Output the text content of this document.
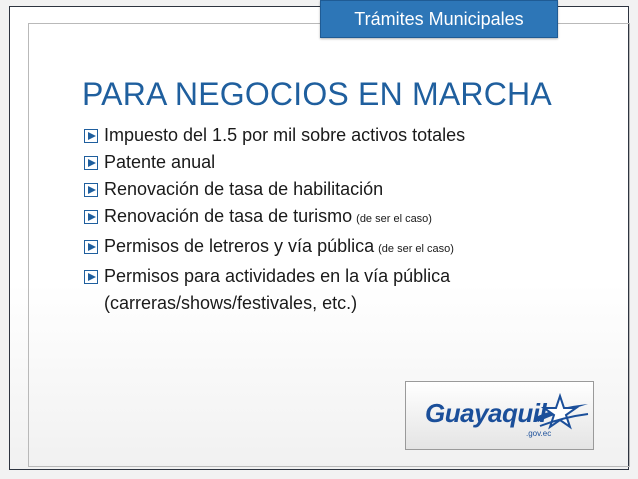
Trámites Municipales
PARA NEGOCIOS EN MARCHA
Impuesto del 1.5 por mil sobre activos totales
Patente anual
Renovación de tasa de habilitación
Renovación de tasa de turismo (de ser el caso)
Permisos de letreros y vía pública (de ser el caso)
Permisos para actividades en la vía pública (carreras/shows/festivales, etc.)
Guayaquil
.gov.ec
